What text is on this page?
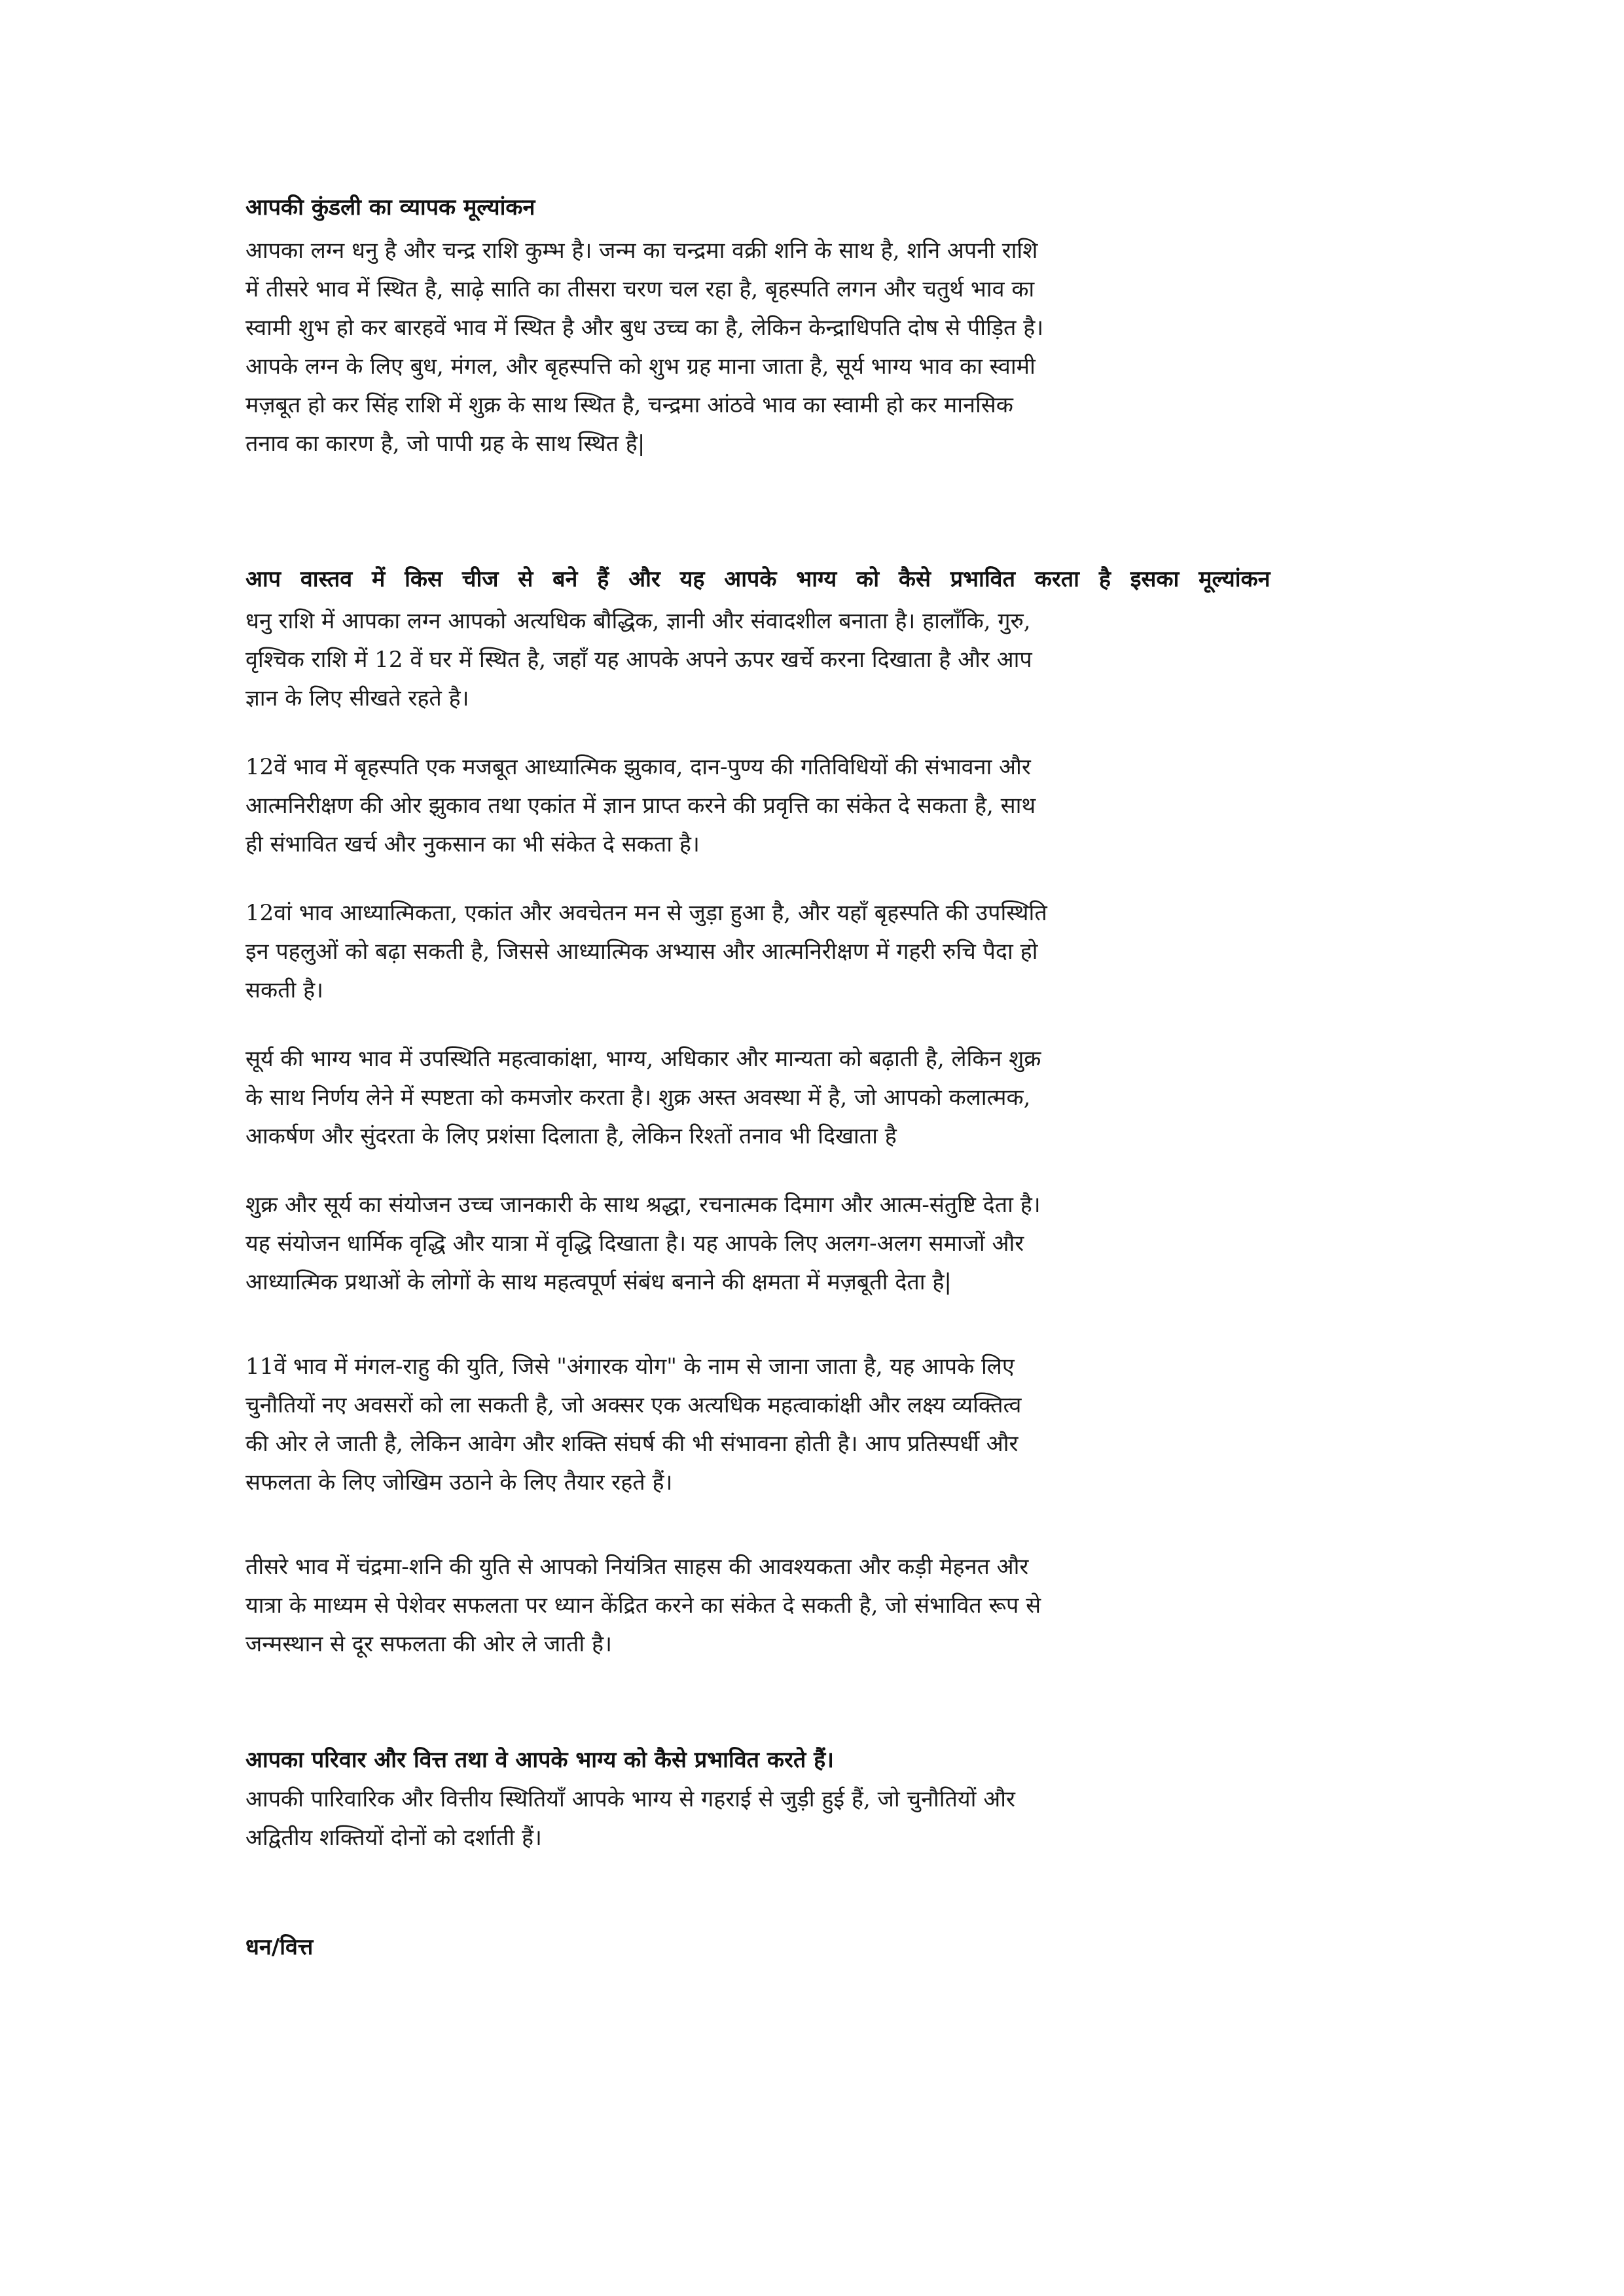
आपकी कुंडली का व्यापक मूल्यांकन

आपका लग्न धनु है और चन्द्र राशि कुम्भ है। जन्म का चन्द्रमा वक्री शनि के साथ है, शनि अपनी राशि में तीसरे भाव में स्थित है, साढ़े साति का तीसरा चरण चल रहा है, बृहस्पति लगन और चतुर्थ भाव का स्वामी शुभ हो कर बारहवें भाव में स्थित है और बुध उच्च का है, लेकिन केन्द्राधिपति दोष से पीड़ित है। आपके लग्न के लिए बुध, मंगल, और बृहस्पत्ति को शुभ ग्रह माना जाता है, सूर्य भाग्य भाव का स्वामी मज़बूत हो कर सिंह राशि में शुक्र के साथ स्थित है, चन्द्रमा आंठवे भाव का स्वामी हो कर मानसिक तनाव का कारण है, जो पापी ग्रह के साथ स्थित है|

आप वास्तव में किस चीज से बने हैं और यह आपके भाग्य को कैसे प्रभावित करता है इसका मूल्यांकन

धनु राशि में आपका लग्न आपको अत्यधिक बौद्धिक, ज्ञानी और संवादशील बनाता है। हालाँकि, गुरु, वृश्चिक राशि में 12 वें घर में स्थित है, जहाँ यह आपके अपने ऊपर खर्चे करना दिखाता है और आप ज्ञान के लिए सीखते रहते है।

12वें भाव में बृहस्पति एक मजबूत आध्यात्मिक झुकाव, दान-पुण्य की गतिविधियों की संभावना और आत्मनिरीक्षण की ओर झुकाव तथा एकांत में ज्ञान प्राप्त करने की प्रवृत्ति का संकेत दे सकता है, साथ ही संभावित खर्च और नुकसान का भी संकेत दे सकता है।

12वां भाव आध्यात्मिकता, एकांत और अवचेतन मन से जुड़ा हुआ है, और यहाँ बृहस्पति की उपस्थिति इन पहलुओं को बढ़ा सकती है, जिससे आध्यात्मिक अभ्यास और आत्मनिरीक्षण में गहरी रुचि पैदा हो सकती है।

सूर्य की भाग्य भाव में उपस्थिति महत्वाकांक्षा, भाग्य, अधिकार और मान्यता को बढ़ाती है, लेकिन शुक्र के साथ निर्णय लेने में स्पष्टता को कमजोर करता है। शुक्र अस्त अवस्था में है, जो आपको कलात्मक, आकर्षण और सुंदरता के लिए प्रशंसा दिलाता है, लेकिन रिश्तों तनाव भी दिखाता है

शुक्र और सूर्य का संयोजन उच्च जानकारी के साथ श्रद्धा, रचनात्मक दिमाग और आत्म-संतुष्टि देता है। यह संयोजन धार्मिक वृद्धि और यात्रा में वृद्धि दिखाता है। यह आपके लिए अलग-अलग समाजों और आध्यात्मिक प्रथाओं के लोगों के साथ महत्वपूर्ण संबंध बनाने की क्षमता में मज़बूती देता है|

11वें भाव में मंगल-राहु की युति, जिसे "अंगारक योग" के नाम से जाना जाता है, यह आपके लिए चुनौतियों नए अवसरों को ला सकती है, जो अक्सर एक अत्यधिक महत्वाकांक्षी और लक्ष्य व्यक्तित्व की ओर ले जाती है, लेकिन आवेग और शक्ति संघर्ष की भी संभावना होती है। आप प्रतिस्पर्धी और सफलता के लिए जोखिम उठाने के लिए तैयार रहते हैं।

तीसरे भाव में चंद्रमा-शनि की युति से आपको नियंत्रित साहस की आवश्यकता और कड़ी मेहनत और यात्रा के माध्यम से पेशेवर सफलता पर ध्यान केंद्रित करने का संकेत दे सकती है, जो संभावित रूप से जन्मस्थान से दूर सफलता की ओर ले जाती है।

आपका परिवार और वित्त तथा वे आपके भाग्य को कैसे प्रभावित करते हैं।

आपकी पारिवारिक और वित्तीय स्थितियाँ आपके भाग्य से गहराई से जुड़ी हुई हैं, जो चुनौतियों और अद्वितीय शक्तियों दोनों को दर्शाती हैं।

धन/वित्त
